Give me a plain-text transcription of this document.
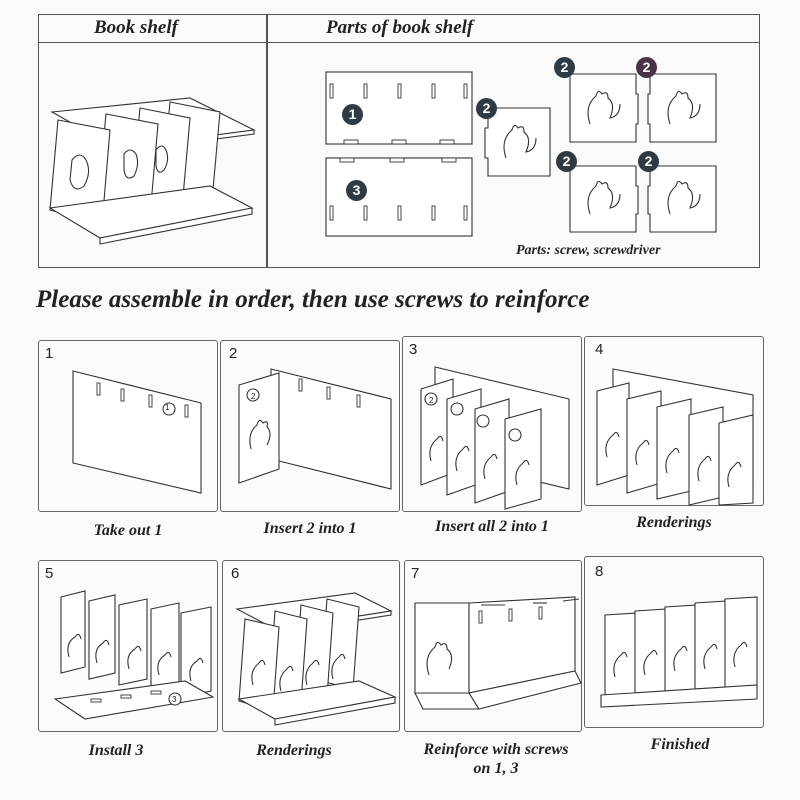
Book shelf	Parts of book shelf
1
3
2
2	2
2	2
Parts: screw, screwdriver
Please assemble in order, then use screws to reinforce
1
1
2
2
3
2
4
Take out 1	Insert 2 into 1	Insert all 2 into 1	Renderings
5
3
6	7	8
Install 3	Renderings	Reinforce with screws
on 1, 3
Finished
